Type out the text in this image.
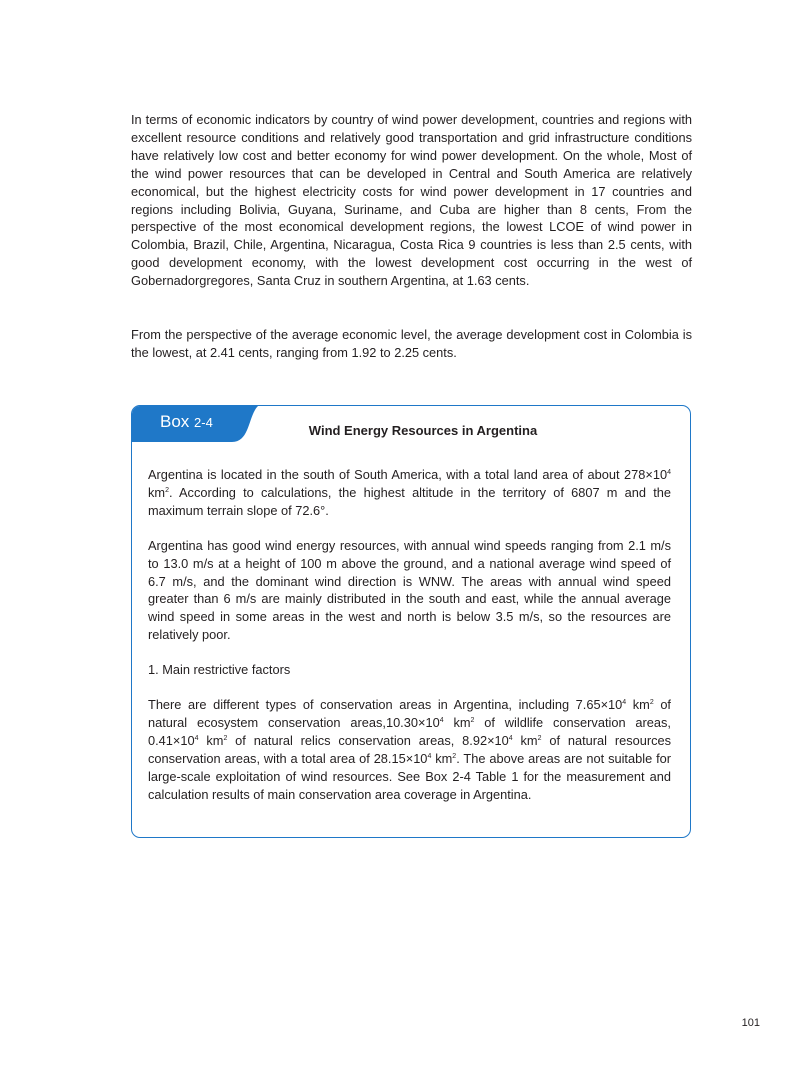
In terms of economic indicators by country of wind power development, countries and regions with excellent resource conditions and relatively good transportation and grid infrastructure conditions have relatively low cost and better economy for wind power development. On the whole, Most of the wind power resources that can be developed in Central and South America are relatively economical, but the highest electricity costs for wind power development in 17 countries and regions including Bolivia, Guyana, Suriname, and Cuba are higher than 8 cents, From the perspective of the most economical development regions, the lowest LCOE of wind power in Colombia, Brazil, Chile, Argentina, Nicaragua, Costa Rica 9 countries is less than 2.5 cents, with good development economy, with the lowest development cost occurring in the west of Gobernadorgregores, Santa Cruz in southern Argentina, at 1.63 cents.

From the perspective of the average economic level, the average development cost in Colombia is the lowest, at 2.41 cents, ranging from 1.92 to 2.25 cents.

Box 2-4
Wind Energy Resources in Argentina

Argentina is located in the south of South America, with a total land area of about $278\times 10^4$ $km^2$. According to calculations, the highest altitude in the territory of 6807 m and the maximum terrain slope of 72.6°.

Argentina has good wind energy resources, with annual wind speeds ranging from 2.1 m/s to 13.0 m/s at a height of 100 m above the ground, and a national average wind speed of 6.7 m/s, and the dominant wind direction is WNW. The areas with annual wind speed greater than 6 m/s are mainly distributed in the south and east, while the annual average wind speed in some areas in the west and north is below 3.5 m/s, so the resources are relatively poor.

1. Main restrictive factors

There are different types of conservation areas in Argentina, including $7.65\times 10^4$ $km^2$ of natural ecosystem conservation $areas,10.30\times 10^4$ $km^2$ of wildlife conservation areas, $0.41\times 10^4$ $km^2$ of natural relics conservation areas, $8.92\times 10^4$ $km^2$ of natural resources conservation areas, with a total area of $28.15\times 10^4$ $km^2$. The above areas are not suitable for large-scale exploitation of wind resources. See Box 2-4 Table 1 for the measurement and calculation results of main conservation area coverage in Argentina.

101
